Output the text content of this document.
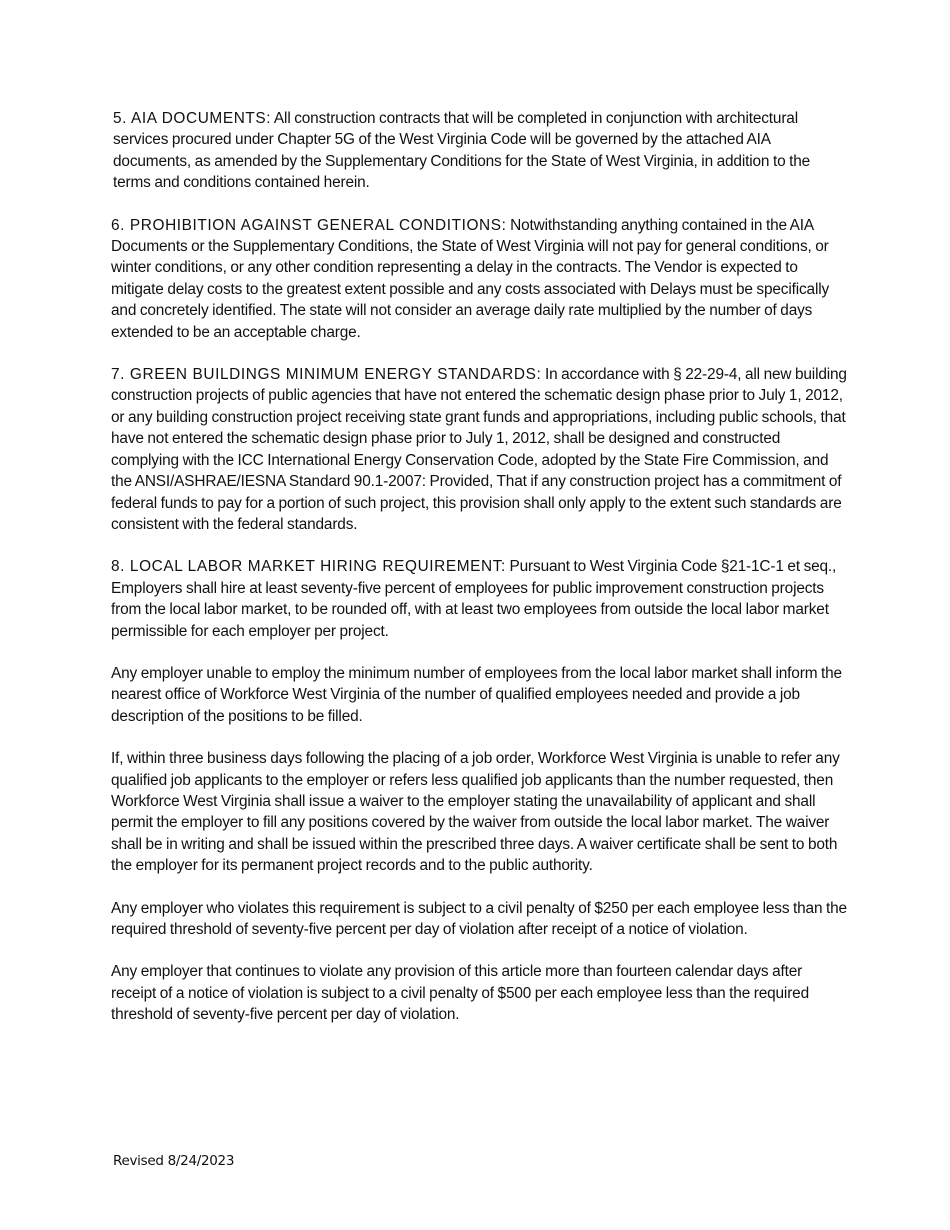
5. AIA DOCUMENTS: All construction contracts that will be completed in conjunction with architectural services procured under Chapter 5G of the West Virginia Code will be governed by the attached AIA documents, as amended by the Supplementary Conditions for the State of West Virginia, in addition to the terms and conditions contained herein.

6. PROHIBITION AGAINST GENERAL CONDITIONS: Notwithstanding anything contained in the AIA Documents or the Supplementary Conditions, the State of West Virginia will not pay for general conditions, or winter conditions, or any other condition representing a delay in the contracts. The Vendor is expected to mitigate delay costs to the greatest extent possible and any costs associated with Delays must be specifically and concretely identified. The state will not consider an average daily rate multiplied by the number of days extended to be an acceptable charge.

7. GREEN BUILDINGS MINIMUM ENERGY STANDARDS: In accordance with § 22-29-4, all new building construction projects of public agencies that have not entered the schematic design phase prior to July 1, 2012, or any building construction project receiving state grant funds and appropriations, including public schools, that have not entered the schematic design phase prior to July 1, 2012, shall be designed and constructed complying with the ICC International Energy Conservation Code, adopted by the State Fire Commission, and the ANSI/ASHRAE/IESNA Standard 90.1-2007: Provided, That if any construction project has a commitment of federal funds to pay for a portion of such project, this provision shall only apply to the extent such standards are consistent with the federal standards.

8. LOCAL LABOR MARKET HIRING REQUIREMENT: Pursuant to West Virginia Code §21-1C-1 et seq., Employers shall hire at least seventy-five percent of employees for public improvement construction projects from the local labor market, to be rounded off, with at least two employees from outside the local labor market permissible for each employer per project.

Any employer unable to employ the minimum number of employees from the local labor market shall inform the nearest office of Workforce West Virginia of the number of qualified employees needed and provide a job description of the positions to be filled.

If, within three business days following the placing of a job order, Workforce West Virginia is unable to refer any qualified job applicants to the employer or refers less qualified job applicants than the number requested, then Workforce West Virginia shall issue a waiver to the employer stating the unavailability of applicant and shall permit the employer to fill any positions covered by the waiver from outside the local labor market. The waiver shall be in writing and shall be issued within the prescribed three days. A waiver certificate shall be sent to both the employer for its permanent project records and to the public authority.

Any employer who violates this requirement is subject to a civil penalty of $250 per each employee less than the required threshold of seventy-five percent per day of violation after receipt of a notice of violation.

Any employer that continues to violate any provision of this article more than fourteen calendar days after receipt of a notice of violation is subject to a civil penalty of $500 per each employee less than the required threshold of seventy-five percent per day of violation.

Revised 8/24/2023
